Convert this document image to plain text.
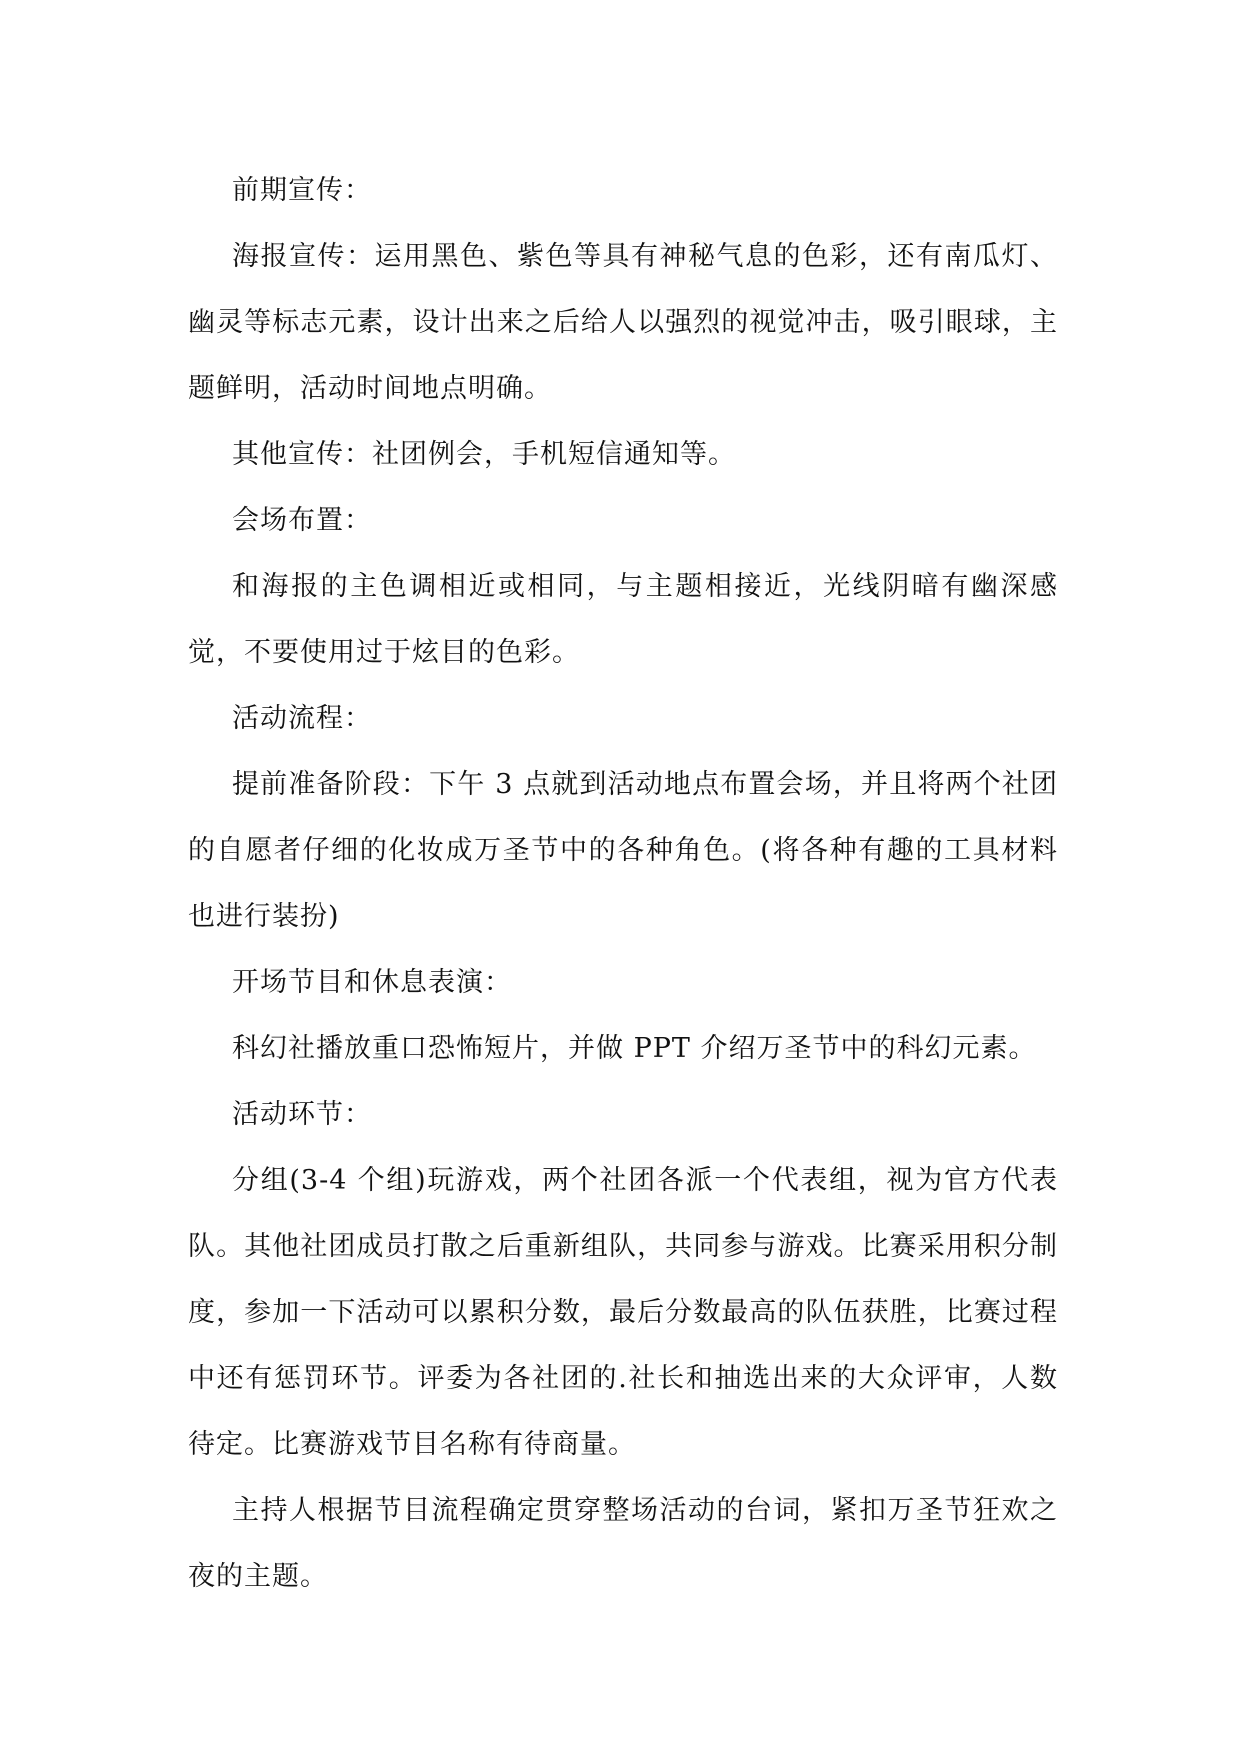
前期宣传：

海报宣传：运用黑色、紫色等具有神秘气息的色彩，还有南瓜灯、幽灵等标志元素，设计出来之后给人以强烈的视觉冲击，吸引眼球，主题鲜明，活动时间地点明确。

其他宣传：社团例会，手机短信通知等。

会场布置：

和海报的主色调相近或相同，与主题相接近，光线阴暗有幽深感觉，不要使用过于炫目的色彩。

活动流程：

提前准备阶段：下午 3 点就到活动地点布置会场，并且将两个社团的自愿者仔细的化妆成万圣节中的各种角色。(将各种有趣的工具材料也进行装扮)

开场节目和休息表演：

科幻社播放重口恐怖短片，并做 PPT 介绍万圣节中的科幻元素。

活动环节：

分组(3-4 个组)玩游戏，两个社团各派一个代表组，视为官方代表队。其他社团成员打散之后重新组队，共同参与游戏。比赛采用积分制度，参加一下活动可以累积分数，最后分数最高的队伍获胜，比赛过程中还有惩罚环节。评委为各社团的.社长和抽选出来的大众评审，人数待定。比赛游戏节目名称有待商量。

主持人根据节目流程确定贯穿整场活动的台词，紧扣万圣节狂欢之夜的主题。
